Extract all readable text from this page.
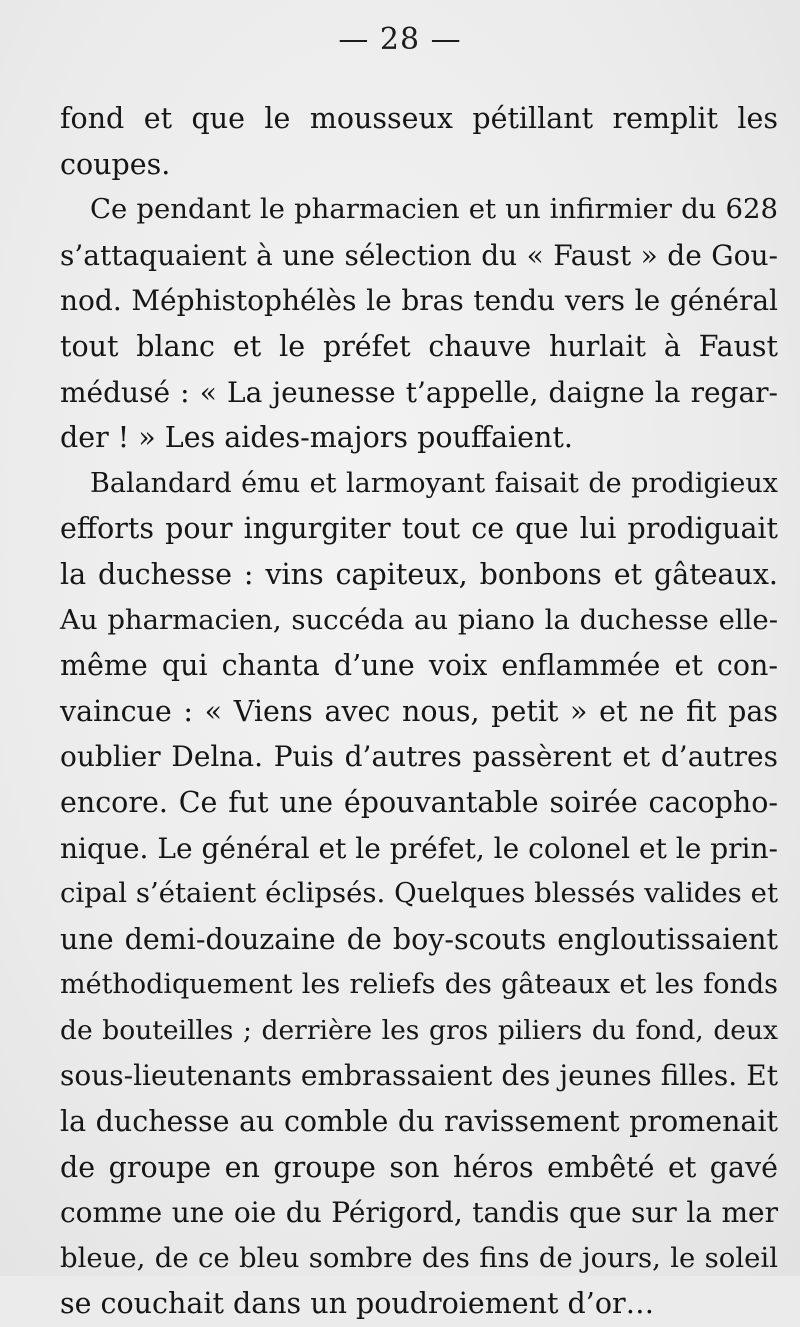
— 28 —
fond et que le mousseux pétillant remplit les
coupes.
Ce pendant le pharmacien et un infirmier du 628
s’attaquaient à une sélection du « Faust » de Gou-
nod. Méphistophélès le bras tendu vers le général
tout blanc et le préfet chauve hurlait à Faust
médusé : « La jeunesse t’appelle, daigne la regar-
der ! » Les aides-majors pouffaient.
Balandard ému et larmoyant faisait de prodigieux
efforts pour ingurgiter tout ce que lui prodiguait
la duchesse : vins capiteux, bonbons et gâteaux.
Au pharmacien, succéda au piano la duchesse elle-
même qui chanta d’une voix enflammée et con-
vaincue : « Viens avec nous, petit » et ne fit pas
oublier Delna. Puis d’autres passèrent et d’autres
encore. Ce fut une épouvantable soirée cacopho-
nique. Le général et le préfet, le colonel et le prin-
cipal s’étaient éclipsés. Quelques blessés valides et
une demi-douzaine de boy-scouts engloutissaient
méthodiquement les reliefs des gâteaux et les fonds
de bouteilles ; derrière les gros piliers du fond, deux
sous-lieutenants embrassaient des jeunes filles. Et
la duchesse au comble du ravissement promenait
de groupe en groupe son héros embêté et gavé
comme une oie du Périgord, tandis que sur la mer
bleue, de ce bleu sombre des fins de jours, le soleil
se couchait dans un poudroiement d’or…
